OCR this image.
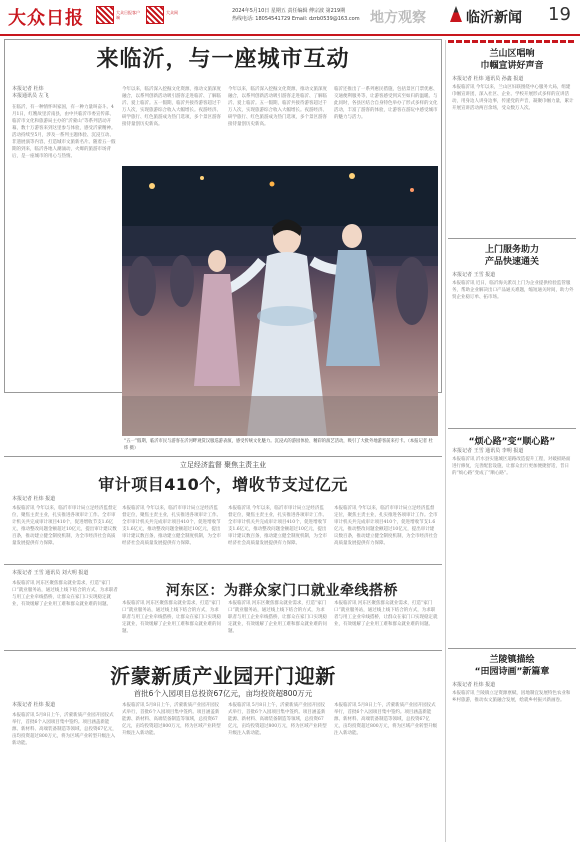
大众日报	大众日报客户端
大众网	2024年5月10日 星期五 责任编辑 傅宗波 第219期
热线电话: 18054541729 Email: dzrb0539@163.com 地方观察	临沂新闻 19
来临沂，与一座城市互动
本报记者 杜炜
本报通讯员 左飞
在临沂，有一种情怀叫家国，有一种力量叫奋斗。4月1日，红嫂故里沂南县，由中共临沂市委宣传部、临沂市文化和旅游局主办的“沂蒙山”等系列活动开幕，数十万游客来到这里参与体验，感受沂蒙精神。活动持续至5月，涉及一系列主题体验、沉浸互动、非遗展演等内容，打造城市文旅新名片。随着五一假期的到来，临沂各地人潮涌动，火爆的旅游市场背后，是一座城市的用心与热情。
今年以来，临沂深入挖掘文化资源，推动文旅深度融合，以系列创新活动吸引游客走进临沂、了解临沂、爱上临沂。五一假期，临沂共接待游客超过千万人次，实现旅游综合收入大幅增长。夜游经济、研学旅行、红色旅游成为热门选项，多个景区游客接待量创历史新高。
今年以来，临沂深入挖掘文化资源，推动文旅深度融合，以系列创新活动吸引游客走进临沂、了解临沂、爱上临沂。五一假期，临沂共接待游客超过千万人次，实现旅游综合收入大幅增长。夜游经济、研学旅行、红色旅游成为热门选项，多个景区游客接待量创历史新高。
临沂还推出了一系列惠民措施，包括景区门票优惠、交通便利服务等，让游客感受到宾至如归的温暖。与此同时，各县区结合自身特色举办了形式多样的文化活动，丰富了游客的体验，让游客在游玩中感受城市的魅力与活力。
“五一”假期，临沂市民与游客在沂河畔观赏汉服巡游表演，感受传统文化魅力。沉浸式的游园体验、精彩的演艺活动，吸引了大批外地游客前来打卡。（本报记者 杜炜 摄）
立足经济监督 聚焦主责主业
审计项目410个，增收节支过亿元
本报记者 杜炜 报道
本报临沂讯 今年以来，临沂市审计局立足经济监督定位，聚焦主责主业，扎实推进各项审计工作。全市审计机关共完成审计项目410个，促进增收节支1.6亿元，推动整改问题金额超过10亿元，提出审计建议数百条，推动建立健全制度机制，为全市经济社会高质量发展提供有力保障。
本报临沂讯 今年以来，临沂市审计局立足经济监督定位，聚焦主责主业，扎实推进各项审计工作。全市审计机关共完成审计项目410个，促进增收节支1.6亿元，推动整改问题金额超过10亿元，提出审计建议数百条，推动建立健全制度机制，为全市经济社会高质量发展提供有力保障。
本报临沂讯 今年以来，临沂市审计局立足经济监督定位，聚焦主责主业，扎实推进各项审计工作。全市审计机关共完成审计项目410个，促进增收节支1.6亿元，推动整改问题金额超过10亿元，提出审计建议数百条，推动建立健全制度机制，为全市经济社会高质量发展提供有力保障。
本报临沂讯 今年以来，临沂市审计局立足经济监督定位，聚焦主责主业，扎实推进各项审计工作。全市审计机关共完成审计项目410个，促进增收节支1.6亿元，推动整改问题金额超过10亿元，提出审计建议数百条，推动建立健全制度机制，为全市经济社会高质量发展提供有力保障。
本报记者 王雪 通讯员 刘大明 报道
本报临沂讯 河东区聚焦群众就业需求，打造“家门口”就业服务站，通过线上线下结合的方式，为求职者与用工企业牵线搭桥，让群众在家门口实现稳定就业，有效缓解了企业用工难和群众就业难的问题。
河东区：为群众家门口就业牵线搭桥
本报临沂讯 河东区聚焦群众就业需求，打造“家门口”就业服务站，通过线上线下结合的方式，为求职者与用工企业牵线搭桥，让群众在家门口实现稳定就业，有效缓解了企业用工难和群众就业难的问题。
本报临沂讯 河东区聚焦群众就业需求，打造“家门口”就业服务站，通过线上线下结合的方式，为求职者与用工企业牵线搭桥，让群众在家门口实现稳定就业，有效缓解了企业用工难和群众就业难的问题。
本报临沂讯 河东区聚焦群众就业需求，打造“家门口”就业服务站，通过线上线下结合的方式，为求职者与用工企业牵线搭桥，让群众在家门口实现稳定就业，有效缓解了企业用工难和群众就业难的问题。
沂蒙新质产业园开门迎新
首批6个入园项目总投资67亿元，亩均投资超800万元
本报记者 杜炜 报道
本报临沂讯 5月8日上午，沂蒙新质产业园开园仪式举行，首批6个入园项目集中签约。项目涵盖新能源、新材料、高端装备制造等领域，总投资67亿元，亩均投资超过800万元，将为区域产业转型升级注入新动能。
本报临沂讯 5月8日上午，沂蒙新质产业园开园仪式举行，首批6个入园项目集中签约。项目涵盖新能源、新材料、高端装备制造等领域，总投资67亿元，亩均投资超过800万元，将为区域产业转型升级注入新动能。
本报临沂讯 5月8日上午，沂蒙新质产业园开园仪式举行，首批6个入园项目集中签约。项目涵盖新能源、新材料、高端装备制造等领域，总投资67亿元，亩均投资超过800万元，将为区域产业转型升级注入新动能。
本报临沂讯 5月8日上午，沂蒙新质产业园开园仪式举行，首批6个入园项目集中签约。项目涵盖新能源、新材料、高端装备制造等领域，总投资67亿元，亩均投资超过800万元，将为区域产业转型升级注入新动能。
兰山区唱响
巾帼宣讲好声音
本报记者 杜炜 通讯员 孙鑫 报道
本报临沂讯 今年以来，兰山区妇联围绕中心服务大局，组建巾帼宣讲团，深入社区、企业、学校开展形式多样的宣讲活动，用身边人讲身边事，传递党的声音，凝聚巾帼力量，累计开展宣讲活动两百余场，受众数万人次。
上门服务助力
产品快速通关
本报记者 王雪 报道
本报临沂讯 近日，临沂海关派员上门为企业提供检验监管服务，帮助企业解决出口产品通关难题，缩短通关时间，助力外贸企业稳订单、拓市场。
“烦心路”变“顺心路”
本报记者 王雪 通讯员 李明 报道
本报临沂讯 沂水县实施城区道路改造提升工程，对破损路面进行修复，完善配套设施，让群众出行更加便捷舒适，昔日的“烦心路”变成了“顺心路”。
兰陵镇描绘
“田园诗画”新篇章
本报记者 杜炜 报道
本报临沂讯 兰陵镇立足资源禀赋，因地制宜发展特色农业和乡村旅游，推动农文旅融合发展，绘就乡村振兴新画卷。
